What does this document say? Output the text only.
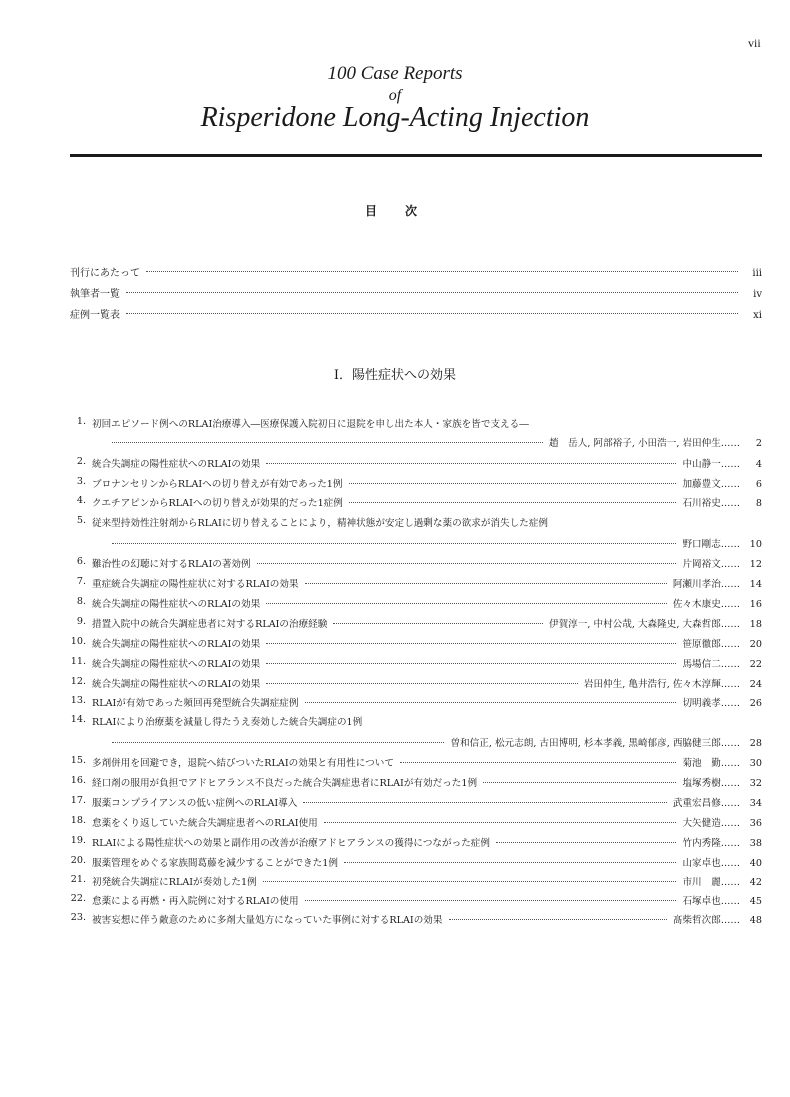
vii
100 Case Reports
of
Risperidone Long-Acting Injection
目　次
刊行にあたって	iii
執筆者一覧	iv
症例一覧表	xi
I．陽性症状への効果
1. 初回エピソード例へのRLAI治療導入―医療保護入院初日に退院を申し出た本人・家族を皆で支える―
趙　岳人, 阿部裕子, 小田浩一, 岩田仲生……	2
2. 統合失調症の陽性症状へのRLAIの効果	中山静一……	4
3. ブロナンセリンからRLAIへの切り替えが有効であった1例	加藤豊文……	6
4. クエチアピンからRLAIへの切り替えが効果的だった1症例	石川裕史……	8
5. 従来型持効性注射剤からRLAIに切り替えることにより，精神状態が安定し過剰な薬の欲求が消失した症例
野口剛志……	10
6. 難治性の幻聴に対するRLAIの著効例	片岡裕文……	12
7. 重症統合失調症の陽性症状に対するRLAIの効果	阿瀬川孝治……	14
8. 統合失調症の陽性症状へのRLAIの効果	佐々木康史……	16
9. 措置入院中の統合失調症患者に対するRLAIの治療経験	伊賀淳一, 中村公哉, 大森隆史, 大森哲郎……	18
10. 統合失調症の陽性症状へのRLAIの効果	笹原徹郎……	20
11. 統合失調症の陽性症状へのRLAIの効果	馬場信二……	22
12. 統合失調症の陽性症状へのRLAIの効果	岩田仲生, 亀井浩行, 佐々木淳輝……	24
13. RLAIが有効であった頻回再発型統合失調症症例	切明義孝……	26
14. RLAIにより治療薬を減量し得たうえ奏効した統合失調症の1例
曽和信正, 松元志朗, 古田博明, 杉本孝義, 黒崎郁彦, 西脇健三郎……	28
15. 多剤併用を回避でき，退院へ結びついたRLAIの効果と有用性について	菊池　勤……	30
16. 経口剤の服用が負担でアドヒアランス不良だった統合失調症患者にRLAIが有効だった1例	塩塚秀樹……	32
17. 服薬コンプライアンスの低い症例へのRLAI導入	武重宏昌修……	34
18. 怠薬をくり返していた統合失調症患者へのRLAI使用	大矢健造……	36
19. RLAIによる陽性症状への効果と副作用の改善が治療アドヒアランスの獲得につながった症例	竹内秀隆……	38
20. 服薬管理をめぐる家族間葛藤を減少することができた1例	山家卓也……	40
21. 初発統合失調症にRLAIが奏効した1例	市川　麗……	42
22. 怠薬による再燃・再入院例に対するRLAIの使用	石塚卓也……	45
23. 被害妄想に伴う敵意のために多剤大量処方になっていた事例に対するRLAIの効果	髙柴哲次郎……	48
